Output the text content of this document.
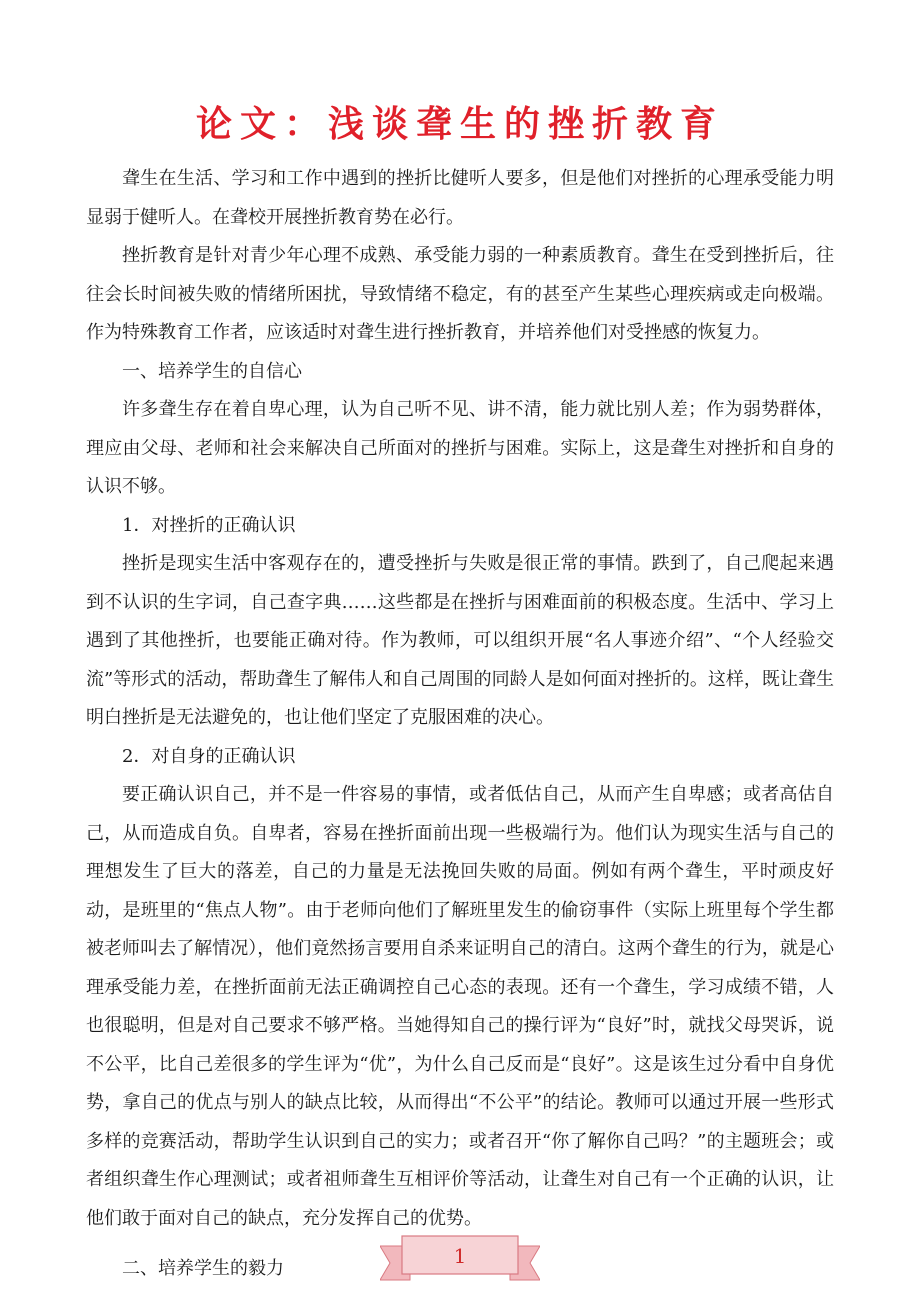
论文：浅谈聋生的挫折教育

聋生在生活、学习和工作中遇到的挫折比健听人要多，但是他们对挫折的心理承受能力明显弱于健听人。在聋校开展挫折教育势在必行。

挫折教育是针对青少年心理不成熟、承受能力弱的一种素质教育。聋生在受到挫折后，往往会长时间被失败的情绪所困扰，导致情绪不稳定，有的甚至产生某些心理疾病或走向极端。作为特殊教育工作者，应该适时对聋生进行挫折教育，并培养他们对受挫感的恢复力。

一、培养学生的自信心

许多聋生存在着自卑心理，认为自己听不见、讲不清，能力就比别人差；作为弱势群体，理应由父母、老师和社会来解决自己所面对的挫折与困难。实际上，这是聋生对挫折和自身的认识不够。

1．对挫折的正确认识

挫折是现实生活中客观存在的，遭受挫折与失败是很正常的事情。跌到了，自己爬起来遇到不认识的生字词，自己查字典……这些都是在挫折与困难面前的积极态度。生活中、学习上遇到了其他挫折，也要能正确对待。作为教师，可以组织开展“名人事迹介绍”、“个人经验交流”等形式的活动，帮助聋生了解伟人和自己周围的同龄人是如何面对挫折的。这样，既让聋生明白挫折是无法避免的，也让他们坚定了克服困难的决心。

2．对自身的正确认识

要正确认识自己，并不是一件容易的事情，或者低估自己，从而产生自卑感；或者高估自己，从而造成自负。自卑者，容易在挫折面前出现一些极端行为。他们认为现实生活与自己的理想发生了巨大的落差，自己的力量是无法挽回失败的局面。例如有两个聋生，平时顽皮好动，是班里的“焦点人物”。由于老师向他们了解班里发生的偷窃事件（实际上班里每个学生都被老师叫去了解情况），他们竟然扬言要用自杀来证明自己的清白。这两个聋生的行为，就是心理承受能力差，在挫折面前无法正确调控自己心态的表现。还有一个聋生，学习成绩不错，人也很聪明，但是对自己要求不够严格。当她得知自己的操行评为“良好”时，就找父母哭诉，说不公平，比自己差很多的学生评为“优”，为什么自己反而是“良好”。这是该生过分看中自身优势，拿自己的优点与别人的缺点比较，从而得出“不公平”的结论。教师可以通过开展一些形式多样的竞赛活动，帮助学生认识到自己的实力；或者召开“你了解你自己吗？”的主题班会；或者组织聋生作心理测试；或者祖师聋生互相评价等活动，让聋生对自己有一个正确的认识，让他们敢于面对自己的缺点，充分发挥自己的优势。

二、培养学生的毅力

1
